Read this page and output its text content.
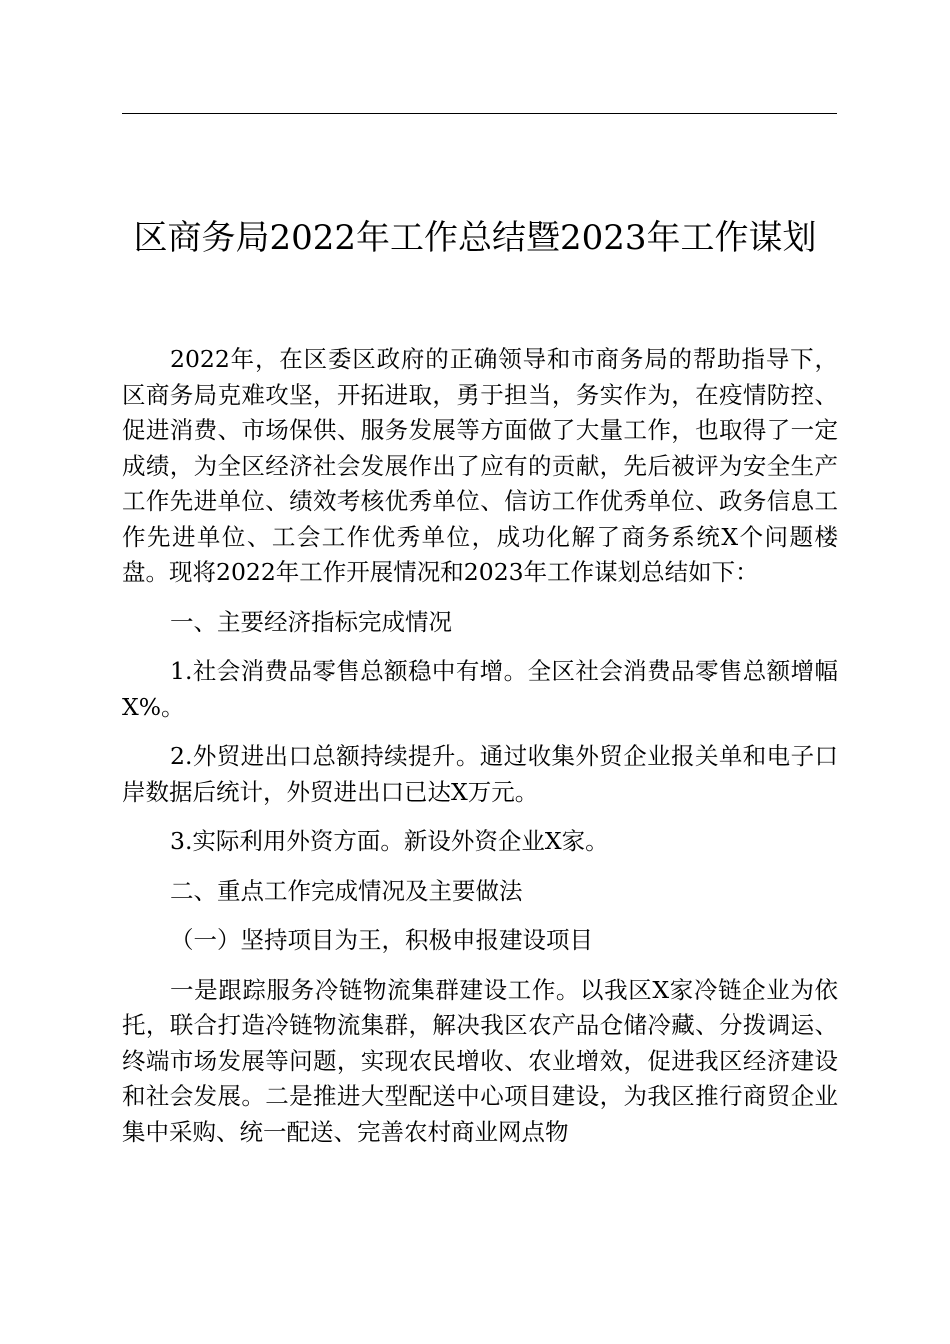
区商务局2022年工作总结暨2023年工作谋划

2022年，在区委区政府的正确领导和市商务局的帮助指导下，区商务局克难攻坚，开拓进取，勇于担当，务实作为，在疫情防控、促进消费、市场保供、服务发展等方面做了大量工作，也取得了一定成绩，为全区经济社会发展作出了应有的贡献，先后被评为安全生产工作先进单位、绩效考核优秀单位、信访工作优秀单位、政务信息工作先进单位、工会工作优秀单位，成功化解了商务系统X个问题楼盘。现将2022年工作开展情况和2023年工作谋划总结如下：

一、主要经济指标完成情况

1.社会消费品零售总额稳中有增。全区社会消费品零售总额增幅X%。

2.外贸进出口总额持续提升。通过收集外贸企业报关单和电子口岸数据后统计，外贸进出口已达X万元。

3.实际利用外资方面。新设外资企业X家。

二、重点工作完成情况及主要做法

（一）坚持项目为王，积极申报建设项目

一是跟踪服务冷链物流集群建设工作。以我区X家冷链企业为依托，联合打造冷链物流集群，解决我区农产品仓储冷藏、分拨调运、终端市场发展等问题，实现农民增收、农业增效，促进我区经济建设和社会发展。二是推进大型配送中心项目建设，为我区推行商贸企业集中采购、统一配送、完善农村商业网点物
